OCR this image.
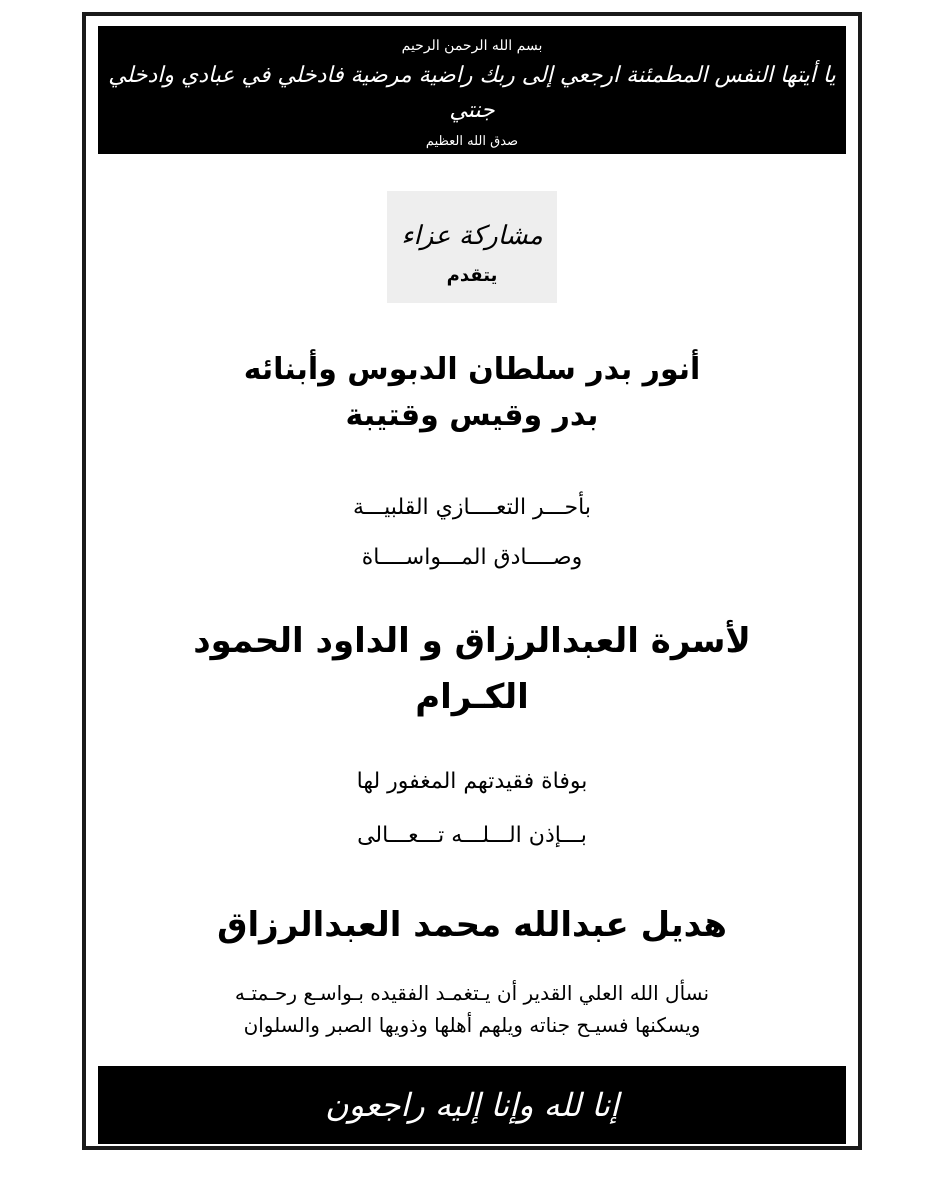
بسم الله الرحمن الرحيم
يا أيتها النفس المطمئنة ارجعي إلى ربك راضية مرضية فادخلي في عبادي وادخلي جنتي
صدق الله العظيم
مشاركة عزاء
يتقدم

أنور بدر سلطان الدبوس وأبنائه

بدر وقيس وقتيبة

بأحـــر التعــــازي القلبيـــة

وصــــادق المـــواســــاة

لأسرة العبدالرزاق و الداود الحمود

الكـرام

بوفاة فقيدتهم المغفور لها

بـــإذن الـــلـــه تـــعـــالى

هديل عبدالله محمد العبدالرزاق

نسأل الله العلي القدير أن يـتغمـد الفقيده بـواسـع رحـمتـه

ويسكنها فسيـح جناته ويلهم أهلها وذويها الصبر والسلوان

إنا لله وإنا إليه راجعون
